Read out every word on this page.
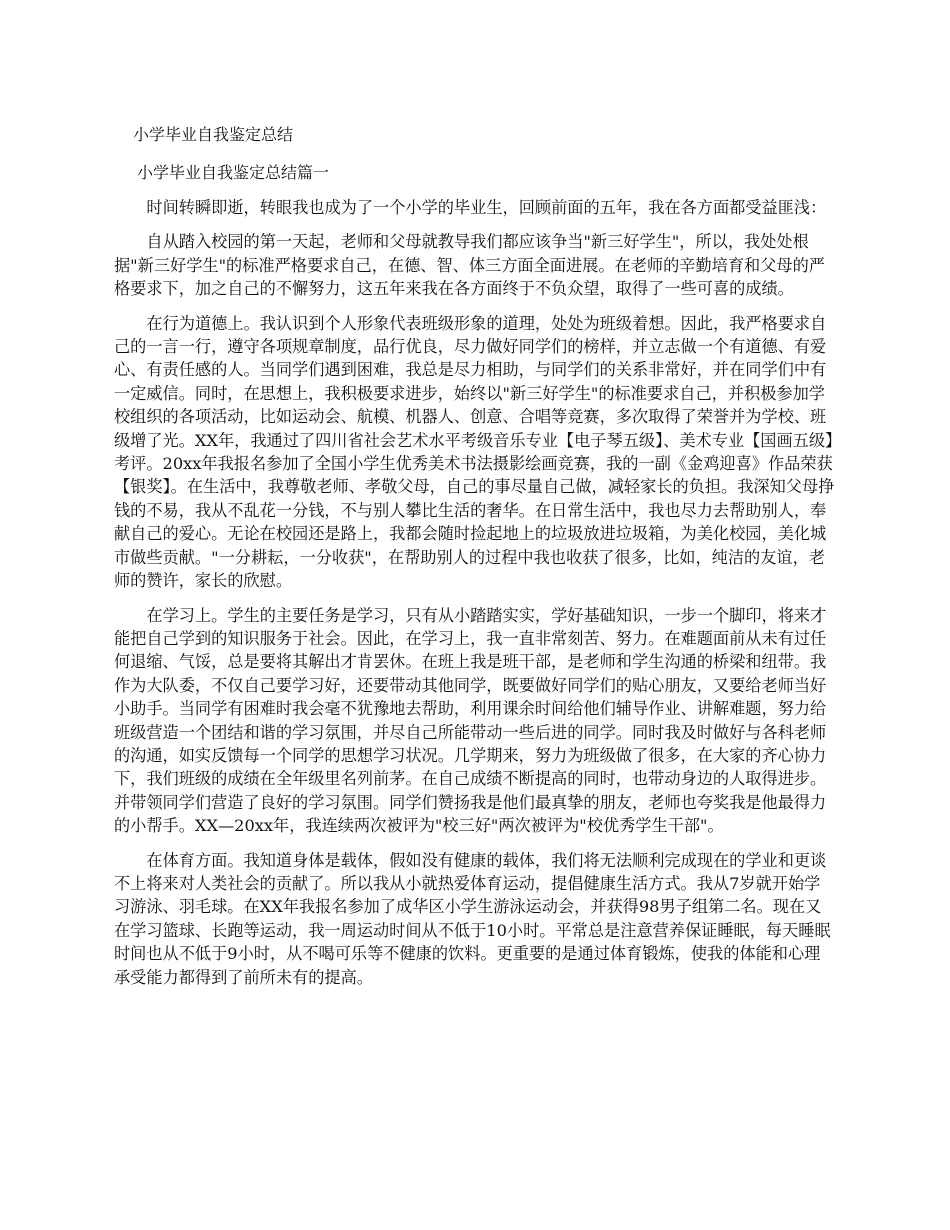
小学毕业自我鉴定总结
小学毕业自我鉴定总结篇一

时间转瞬即逝，转眼我也成为了一个小学的毕业生，回顾前面的五年，我在各方面都受益匪浅：

自从踏入校园的第一天起，老师和父母就教导我们都应该争当"新三好学生"，所以，我处处根据"新三好学生"的标准严格要求自己，在德、智、体三方面全面进展。在老师的辛勤培育和父母的严格要求下，加之自己的不懈努力，这五年来我在各方面终于不负众望，取得了一些可喜的成绩。

在行为道德上。我认识到个人形象代表班级形象的道理，处处为班级着想。因此，我严格要求自己的一言一行，遵守各项规章制度，品行优良，尽力做好同学们的榜样，并立志做一个有道德、有爱心、有责任感的人。当同学们遇到困难，我总是尽力相助，与同学们的关系非常好，并在同学们中有一定威信。同时，在思想上，我积极要求进步，始终以"新三好学生"的标准要求自己，并积极参加学校组织的各项活动，比如运动会、航模、机器人、创意、合唱等竞赛，多次取得了荣誉并为学校、班级增了光。XX年，我通过了四川省社会艺术水平考级音乐专业【电子琴五级】、美术专业【国画五级】考评。20xx年我报名参加了全国小学生优秀美术书法摄影绘画竞赛，我的一副《金鸡迎喜》作品荣获【银奖】。在生活中，我尊敬老师、孝敬父母，自己的事尽量自己做，减轻家长的负担。我深知父母挣钱的不易，我从不乱花一分钱，不与别人攀比生活的奢华。在日常生活中，我也尽力去帮助别人，奉献自己的爱心。无论在校园还是路上，我都会随时捡起地上的垃圾放进垃圾箱，为美化校园，美化城市做些贡献。"一分耕耘，一分收获"，在帮助别人的过程中我也收获了很多，比如，纯洁的友谊，老师的赞许，家长的欣慰。

在学习上。学生的主要任务是学习，只有从小踏踏实实，学好基础知识，一步一个脚印，将来才能把自己学到的知识服务于社会。因此，在学习上，我一直非常刻苦、努力。在难题面前从未有过任何退缩、气馁，总是要将其解出才肯罢休。在班上我是班干部，是老师和学生沟通的桥梁和纽带。我作为大队委，不仅自己要学习好，还要带动其他同学，既要做好同学们的贴心朋友，又要给老师当好小助手。当同学有困难时我会毫不犹豫地去帮助，利用课余时间给他们辅导作业、讲解难题，努力给班级营造一个团结和谐的学习氛围，并尽自己所能带动一些后进的同学。同时我及时做好与各科老师的沟通，如实反馈每一个同学的思想学习状况。几学期来，努力为班级做了很多，在大家的齐心协力下，我们班级的成绩在全年级里名列前茅。在自己成绩不断提高的同时，也带动身边的人取得进步。并带领同学们营造了良好的学习氛围。同学们赞扬我是他们最真挚的朋友，老师也夸奖我是他最得力的小帮手。XX—20xx年，我连续两次被评为"校三好"两次被评为"校优秀学生干部"。

在体育方面。我知道身体是载体，假如没有健康的载体，我们将无法顺利完成现在的学业和更谈不上将来对人类社会的贡献了。所以我从小就热爱体育运动，提倡健康生活方式。我从7岁就开始学习游泳、羽毛球。在XX年我报名参加了成华区小学生游泳运动会，并获得98男子组第二名。现在又在学习篮球、长跑等运动，我一周运动时间从不低于10小时。平常总是注意营养保证睡眠，每天睡眠时间也从不低于9小时，从不喝可乐等不健康的饮料。更重要的是通过体育锻炼，使我的体能和心理承受能力都得到了前所未有的提高。
